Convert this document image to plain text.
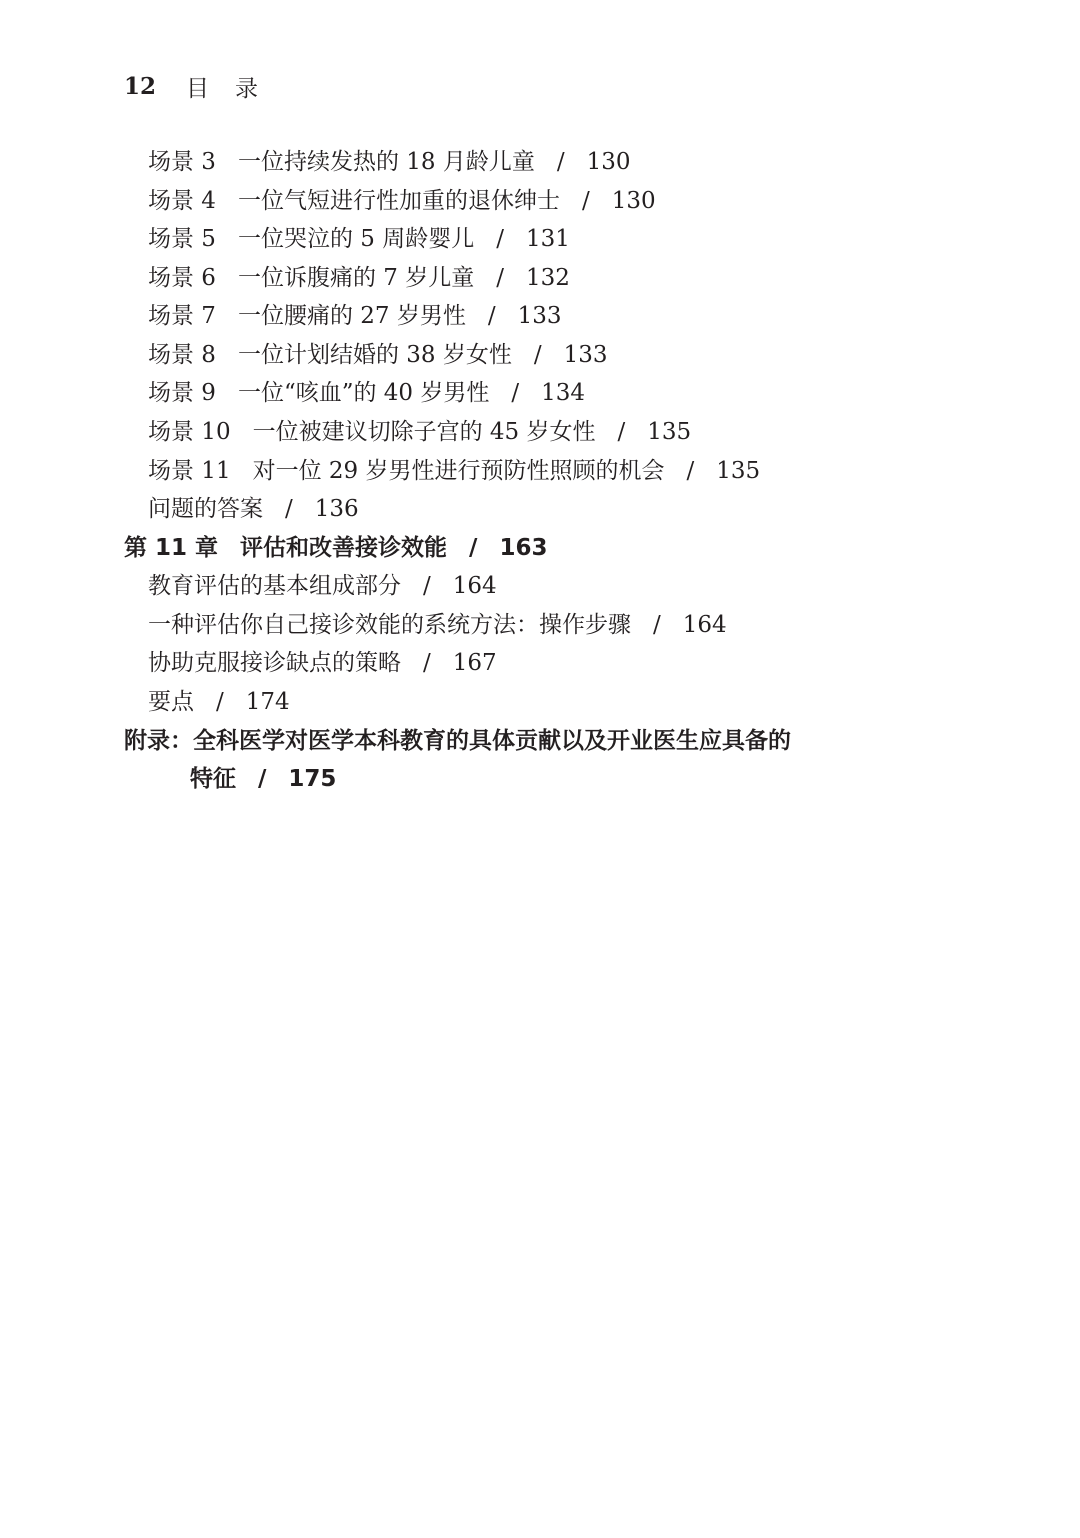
12 目录
场景 3 一位持续发热的 18 月龄儿童 / 130
场景 4 一位气短进行性加重的退休绅士 / 130
场景 5 一位哭泣的 5 周龄婴儿 / 131
场景 6 一位诉腹痛的 7 岁儿童 / 132
场景 7 一位腰痛的 27 岁男性 / 133
场景 8 一位计划结婚的 38 岁女性 / 133
场景 9 一位“咳血”的 40 岁男性 / 134
场景 10 一位被建议切除子宫的 45 岁女性 / 135
场景 11 对一位 29 岁男性进行预防性照顾的机会 / 135
问题的答案 / 136
第 11 章 评估和改善接诊效能 / 163
教育评估的基本组成部分 / 164
一种评估你自己接诊效能的系统方法：操作步骤 / 164
协助克服接诊缺点的策略 / 167
要点 / 174
附录：全科医学对医学本科教育的具体贡献以及开业医生应具备的
特征 / 175
